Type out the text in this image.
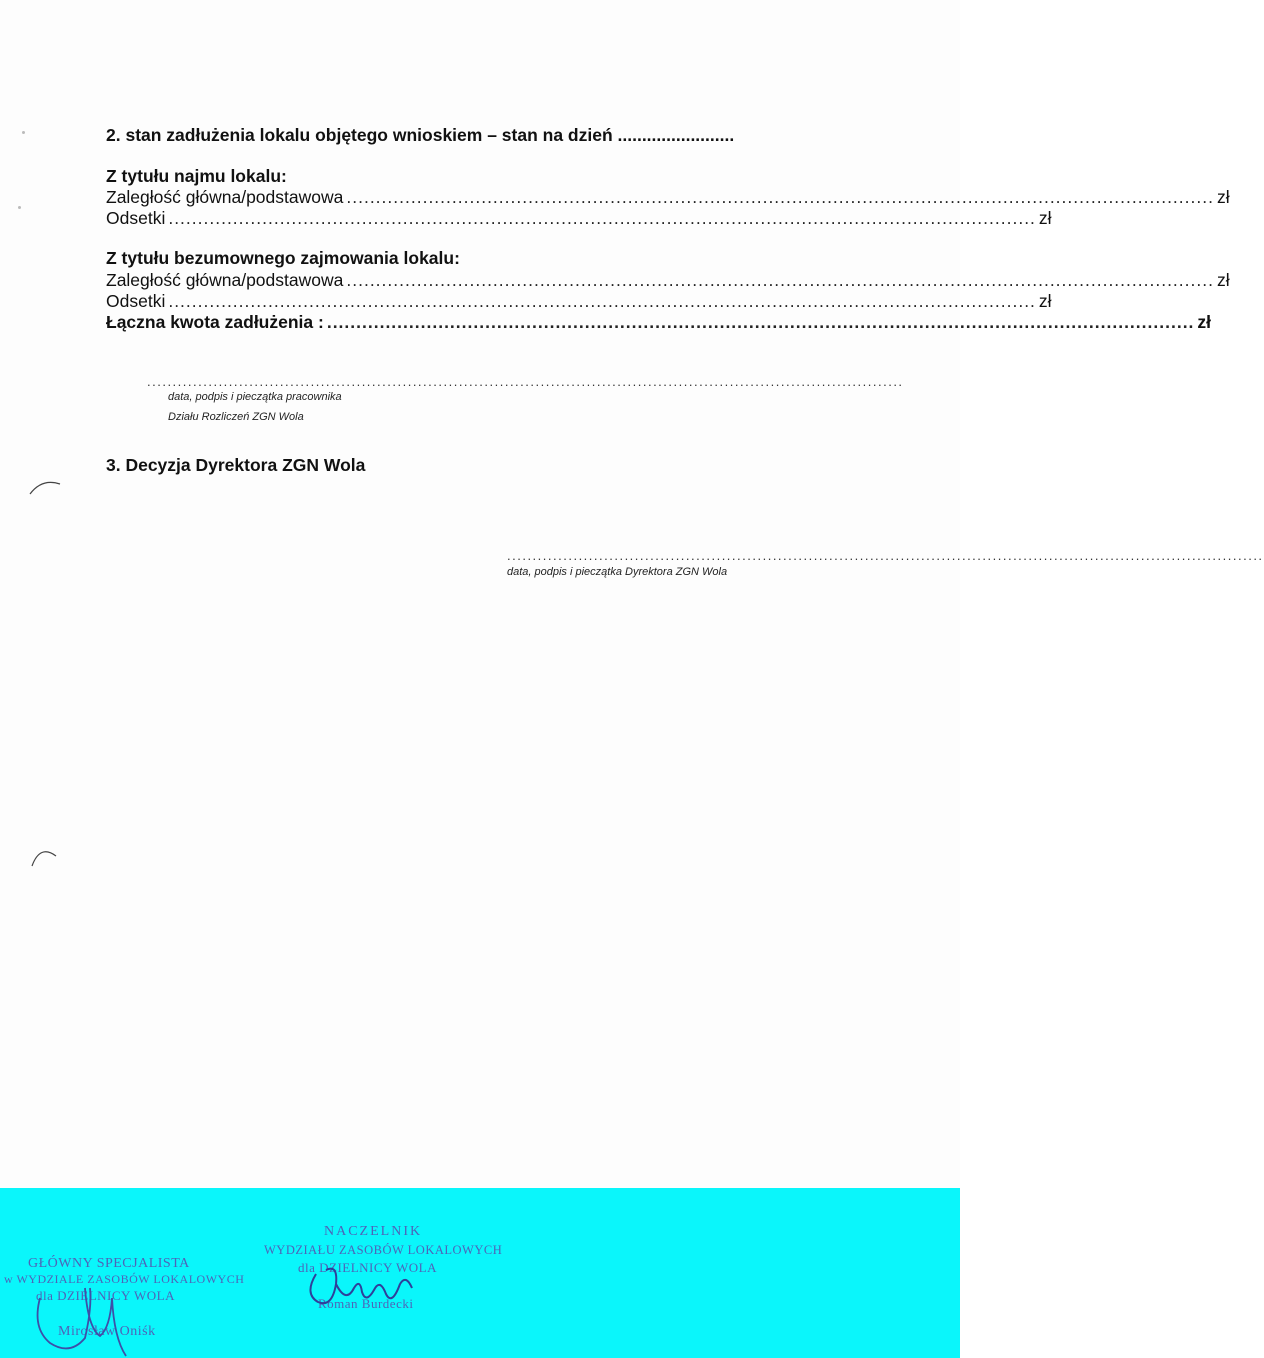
2. stan zadłużenia lokalu objętego wnioskiem – stan na dzień ........................
Z tytułu najmu lokalu:
Zaległość główna/podstawowa .................................................................................................................................................... zł
Odsetki .................................................................................................................................................... zł
Z tytułu bezumownego zajmowania lokalu:
Zaległość główna/podstawowa .................................................................................................................................................... zł
Odsetki .................................................................................................................................................... zł
Łączna kwota zadłużenia : .................................................................................................................................................... zł
....................................................................................................................................................
data, podpis i pieczątka pracownika
Działu Rozliczeń ZGN Wola
3. Decyzja Dyrektora ZGN Wola
....................................................................................................................................................
data, podpis i pieczątka Dyrektora ZGN Wola
GŁÓWNY SPECJALISTA
w WYDZIALE ZASOBÓW LOKALOWYCH
dla DZIELNICY WOLA
Mirosław Oniśk
NACZELNIK
WYDZIAŁU ZASOBÓW LOKALOWYCH
dla DZIELNICY WOLA
Roman Burdecki
